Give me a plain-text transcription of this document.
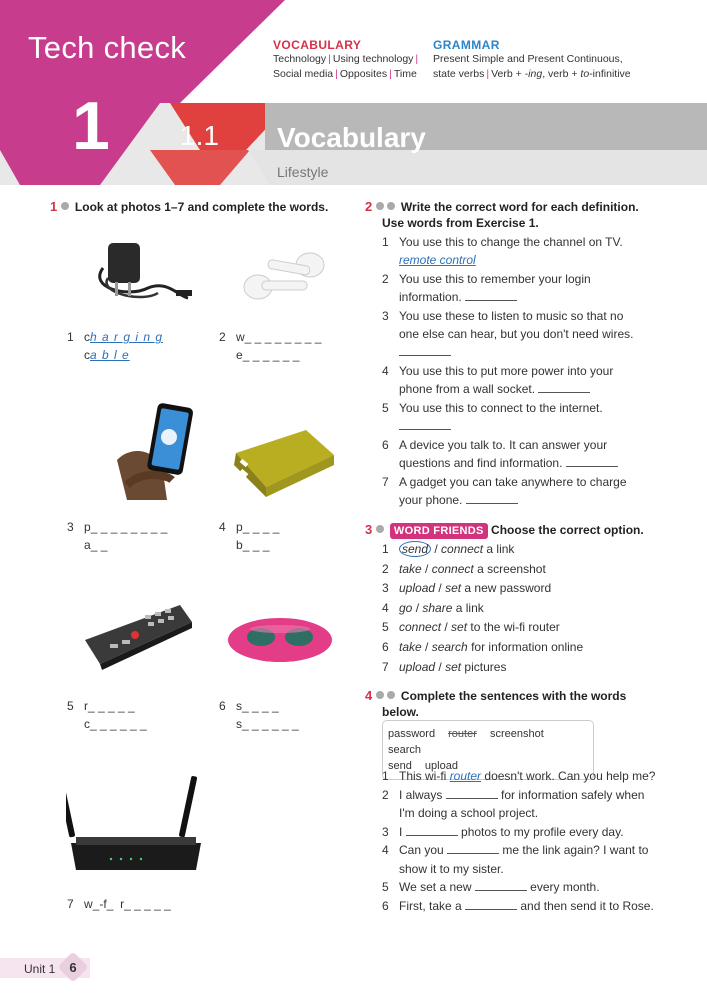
Tech check
1	1.1 Vocabulary
Lifestyle
VOCABULARY
Technology | Using technology |
Social media | Opposites | Time
GRAMMAR
Present Simple and Present Continuous,
state verbs | Verb + -ing, verb + to-infinitive
1 Look at photos 1–7 and complete the words.
1 ch a r g i n g
ca b l e
2 w_ _ _ _ _ _ _ _
e_ _ _ _ _ _
3 p_ _ _ _ _ _ _ _
a_ _
4 p_ _ _ _
b_ _ _
5 r_ _ _ _ _
c_ _ _ _ _ _
6 s_ _ _ _
s_ _ _ _ _ _
7 w_-f_ r_ _ _ _ _
2 Write the correct word for each definition.
Use words from Exercise 1.
1 You use this to change the channel on TV.
remote control
2 You use this to remember your login
information.
3 You use these to listen to music so that no
one else can hear, but you don't need wires.

4 You use this to put more power into your
phone from a wall socket.
5 You use this to connect to the internet.

6 A device you talk to. It can answer your
questions and find information.
7 A gadget you can take anywhere to charge
your phone.
3 WORD FRIENDS Choose the correct option.
1 send / connect a link
2 take / connect a screenshot
3 upload / set a new password
4 go / share a link
5 connect / set to the wi-fi router
6 take / search for information online
7 upload / set pictures
4 Complete the sentences with the words
below.
password router screenshot search
send upload
1 This wi-fi router doesn't work. Can you help me?
2 I always	for information safely when
I'm doing a school project.
3 I	photos to my profile every day.
4 Can you	me the link again? I want to
show it to my sister.
5 We set a new	every month.
6 First, take a	and then send it to Rose.
Unit 1 6
